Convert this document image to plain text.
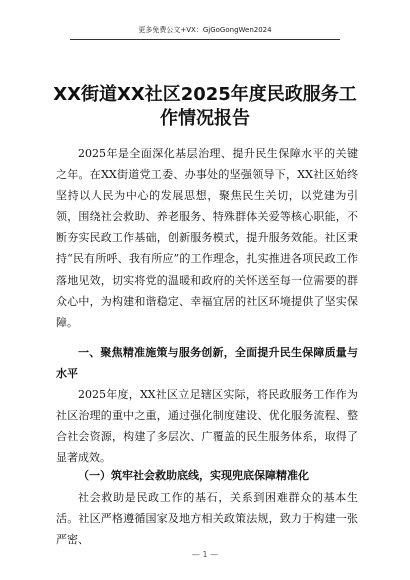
更多免费公文+VX：GjGoGongWen2024
XX街道XX社区2025年度民政服务工作情况报告

2025年是全面深化基层治理、提升民生保障水平的关键之年。在XX街道党工委、办事处的坚强领导下，XX社区始终坚持以人民为中心的发展思想，聚焦民生关切，以党建为引领，围绕社会救助、养老服务、特殊群体关爱等核心职能，不断夯实民政工作基础，创新服务模式，提升服务效能。社区秉持“民有所呼、我有所应”的工作理念，扎实推进各项民政工作落地见效，切实将党的温暖和政府的关怀送至每一位需要的群众心中，为构建和谐稳定、幸福宜居的社区环境提供了坚实保障。

一、聚焦精准施策与服务创新，全面提升民生保障质量与水平

2025年度，XX社区立足辖区实际，将民政服务工作作为社区治理的重中之重，通过强化制度建设、优化服务流程、整合社会资源，构建了多层次、广覆盖的民生服务体系，取得了显著成效。

（一）筑牢社会救助底线，实现兜底保障精准化

社会救助是民政工作的基石，关系到困难群众的基本生活。社区严格遵循国家及地方相关政策法规，致力于构建一张严密、

— 1 —
